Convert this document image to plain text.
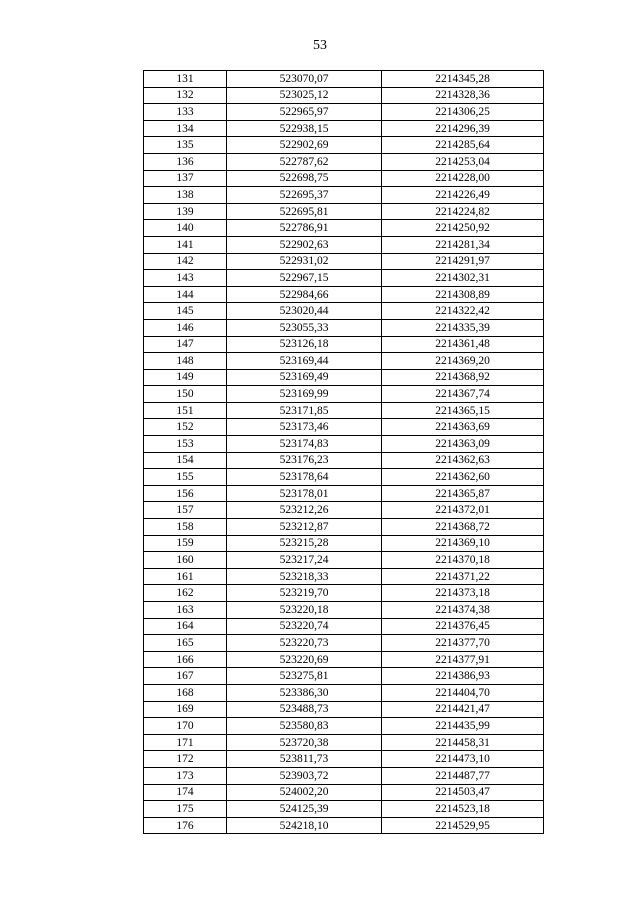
53
131	523070,07	2214345,28
132	523025,12	2214328,36
133	522965,97	2214306,25
134	522938,15	2214296,39
135	522902,69	2214285,64
136	522787,62	2214253,04
137	522698,75	2214228,00
138	522695,37	2214226,49
139	522695,81	2214224,82
140	522786,91	2214250,92
141	522902,63	2214281,34
142	522931,02	2214291,97
143	522967,15	2214302,31
144	522984,66	2214308,89
145	523020,44	2214322,42
146	523055,33	2214335,39
147	523126,18	2214361,48
148	523169,44	2214369,20
149	523169,49	2214368,92
150	523169,99	2214367,74
151	523171,85	2214365,15
152	523173,46	2214363,69
153	523174,83	2214363,09
154	523176,23	2214362,63
155	523178,64	2214362,60
156	523178,01	2214365,87
157	523212,26	2214372,01
158	523212,87	2214368,72
159	523215,28	2214369,10
160	523217,24	2214370,18
161	523218,33	2214371,22
162	523219,70	2214373,18
163	523220,18	2214374,38
164	523220,74	2214376,45
165	523220,73	2214377,70
166	523220,69	2214377,91
167	523275,81	2214386,93
168	523386,30	2214404,70
169	523488,73	2214421,47
170	523580,83	2214435,99
171	523720,38	2214458,31
172	523811,73	2214473,10
173	523903,72	2214487,77
174	524002,20	2214503,47
175	524125,39	2214523,18
176	524218,10	2214529,95
